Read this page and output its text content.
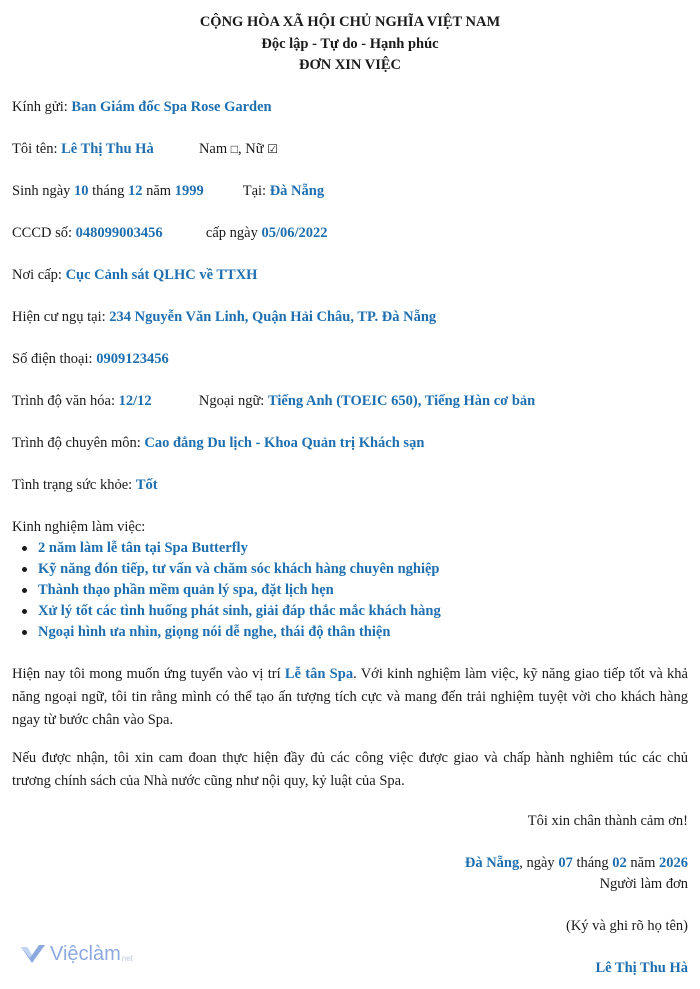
CỘNG HÒA XÃ HỘI CHỦ NGHĨA VIỆT NAM
Độc lập - Tự do - Hạnh phúc
ĐƠN XIN VIỆC
Kính gửi: Ban Giám đốc Spa Rose Garden
Tôi tên: Lê Thị Thu Hà	Nam □, Nữ ☑
Sinh ngày 10 tháng 12 năm 1999	Tại: Đà Nẵng
CCCD số: 048099003456	cấp ngày 05/06/2022
Nơi cấp: Cục Cảnh sát QLHC về TTXH
Hiện cư ngụ tại: 234 Nguyễn Văn Linh, Quận Hải Châu, TP. Đà Nẵng
Số điện thoại: 0909123456
Trình độ văn hóa: 12/12	Ngoại ngữ: Tiếng Anh (TOEIC 650), Tiếng Hàn cơ bản
Trình độ chuyên môn: Cao đẳng Du lịch - Khoa Quản trị Khách sạn
Tình trạng sức khỏe: Tốt
Kinh nghiệm làm việc:
2 năm làm lễ tân tại Spa Butterfly
Kỹ năng đón tiếp, tư vấn và chăm sóc khách hàng chuyên nghiệp
Thành thạo phần mềm quản lý spa, đặt lịch hẹn
Xử lý tốt các tình huống phát sinh, giải đáp thắc mắc khách hàng
Ngoại hình ưa nhìn, giọng nói dễ nghe, thái độ thân thiện
Hiện nay tôi mong muốn ứng tuyển vào vị trí Lễ tân Spa. Với kinh nghiệm làm việc, kỹ năng giao tiếp tốt và khả năng ngoại ngữ, tôi tin rằng mình có thể tạo ấn tượng tích cực và mang đến trải nghiệm tuyệt vời cho khách hàng ngay từ bước chân vào Spa.
Nếu được nhận, tôi xin cam đoan thực hiện đầy đủ các công việc được giao và chấp hành nghiêm túc các chủ trương chính sách của Nhà nước cũng như nội quy, kỷ luật của Spa.
Tôi xin chân thành cảm ơn!
Đà Nẵng, ngày 07 tháng 02 năm 2026
Người làm đơn
(Ký và ghi rõ họ tên)
Lê Thị Thu Hà
Việclàm net
